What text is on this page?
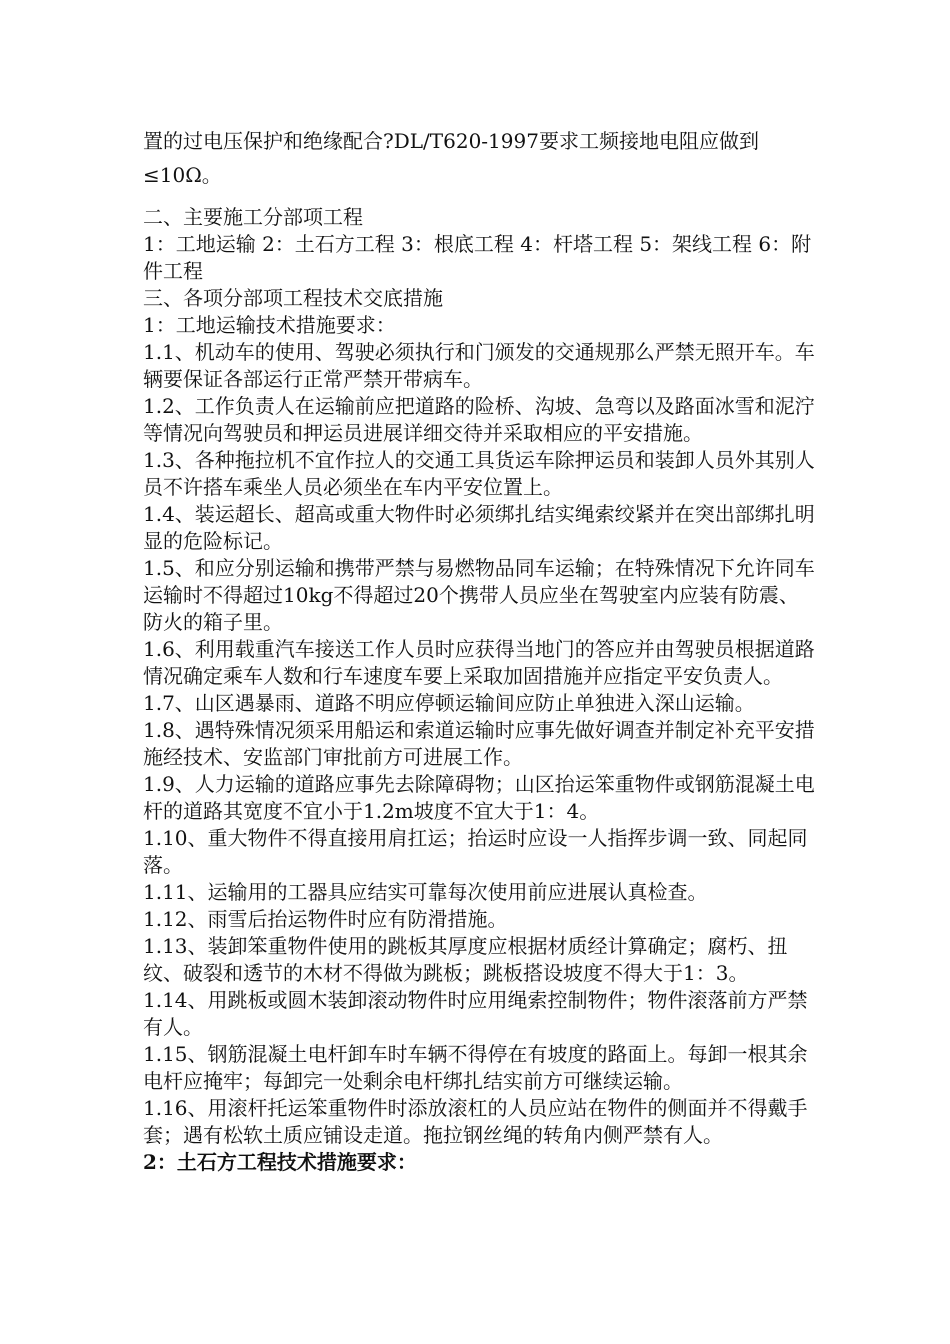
置的过电压保护和绝缘配合?DL/T620-1997要求工频接地电阻应做到≤10Ω。

二、主要施工分部项工程

1：工地运输 2：土石方工程 3：根底工程 4：杆塔工程 5：架线工程 6：附件工程

三、各项分部项工程技术交底措施

1：工地运输技术措施要求：

1.1、机动车的使用、驾驶必须执行和门颁发的交通规那么严禁无照开车。车辆要保证各部运行正常严禁开带病车。

1.2、工作负责人在运输前应把道路的险桥、沟坡、急弯以及路面冰雪和泥泞等情况向驾驶员和押运员进展详细交待并采取相应的平安措施。

1.3、各种拖拉机不宜作拉人的交通工具货运车除押运员和装卸人员外其别人员不许搭车乘坐人员必须坐在车内平安位置上。

1.4、装运超长、超高或重大物件时必须绑扎结实绳索绞紧并在突出部绑扎明显的危险标记。

1.5、和应分别运输和携带严禁与易燃物品同车运输；在特殊情况下允许同车运输时不得超过10kg不得超过20个携带人员应坐在驾驶室内应装有防震、防火的箱子里。

1.6、利用载重汽车接送工作人员时应获得当地门的答应并由驾驶员根据道路情况确定乘车人数和行车速度车要上采取加固措施并应指定平安负责人。

1.7、山区遇暴雨、道路不明应停顿运输间应防止单独进入深山运输。

1.8、遇特殊情况须采用船运和索道运输时应事先做好调查并制定补充平安措施经技术、安监部门审批前方可进展工作。

1.9、人力运输的道路应事先去除障碍物；山区抬运笨重物件或钢筋混凝土电杆的道路其宽度不宜小于1.2m坡度不宜大于1：4。

1.10、重大物件不得直接用肩扛运；抬运时应设一人指挥步调一致、同起同落。

1.11、运输用的工器具应结实可靠每次使用前应进展认真检查。

1.12、雨雪后抬运物件时应有防滑措施。

1.13、装卸笨重物件使用的跳板其厚度应根据材质经计算确定；腐朽、扭纹、破裂和透节的木材不得做为跳板；跳板搭设坡度不得大于1：3。

1.14、用跳板或圆木装卸滚动物件时应用绳索控制物件；物件滚落前方严禁有人。

1.15、钢筋混凝土电杆卸车时车辆不得停在有坡度的路面上。每卸一根其余电杆应掩牢；每卸完一处剩余电杆绑扎结实前方可继续运输。

1.16、用滚杆托运笨重物件时添放滚杠的人员应站在物件的侧面并不得戴手套；遇有松软土质应铺设走道。拖拉钢丝绳的转角内侧严禁有人。

2：土石方工程技术措施要求：
